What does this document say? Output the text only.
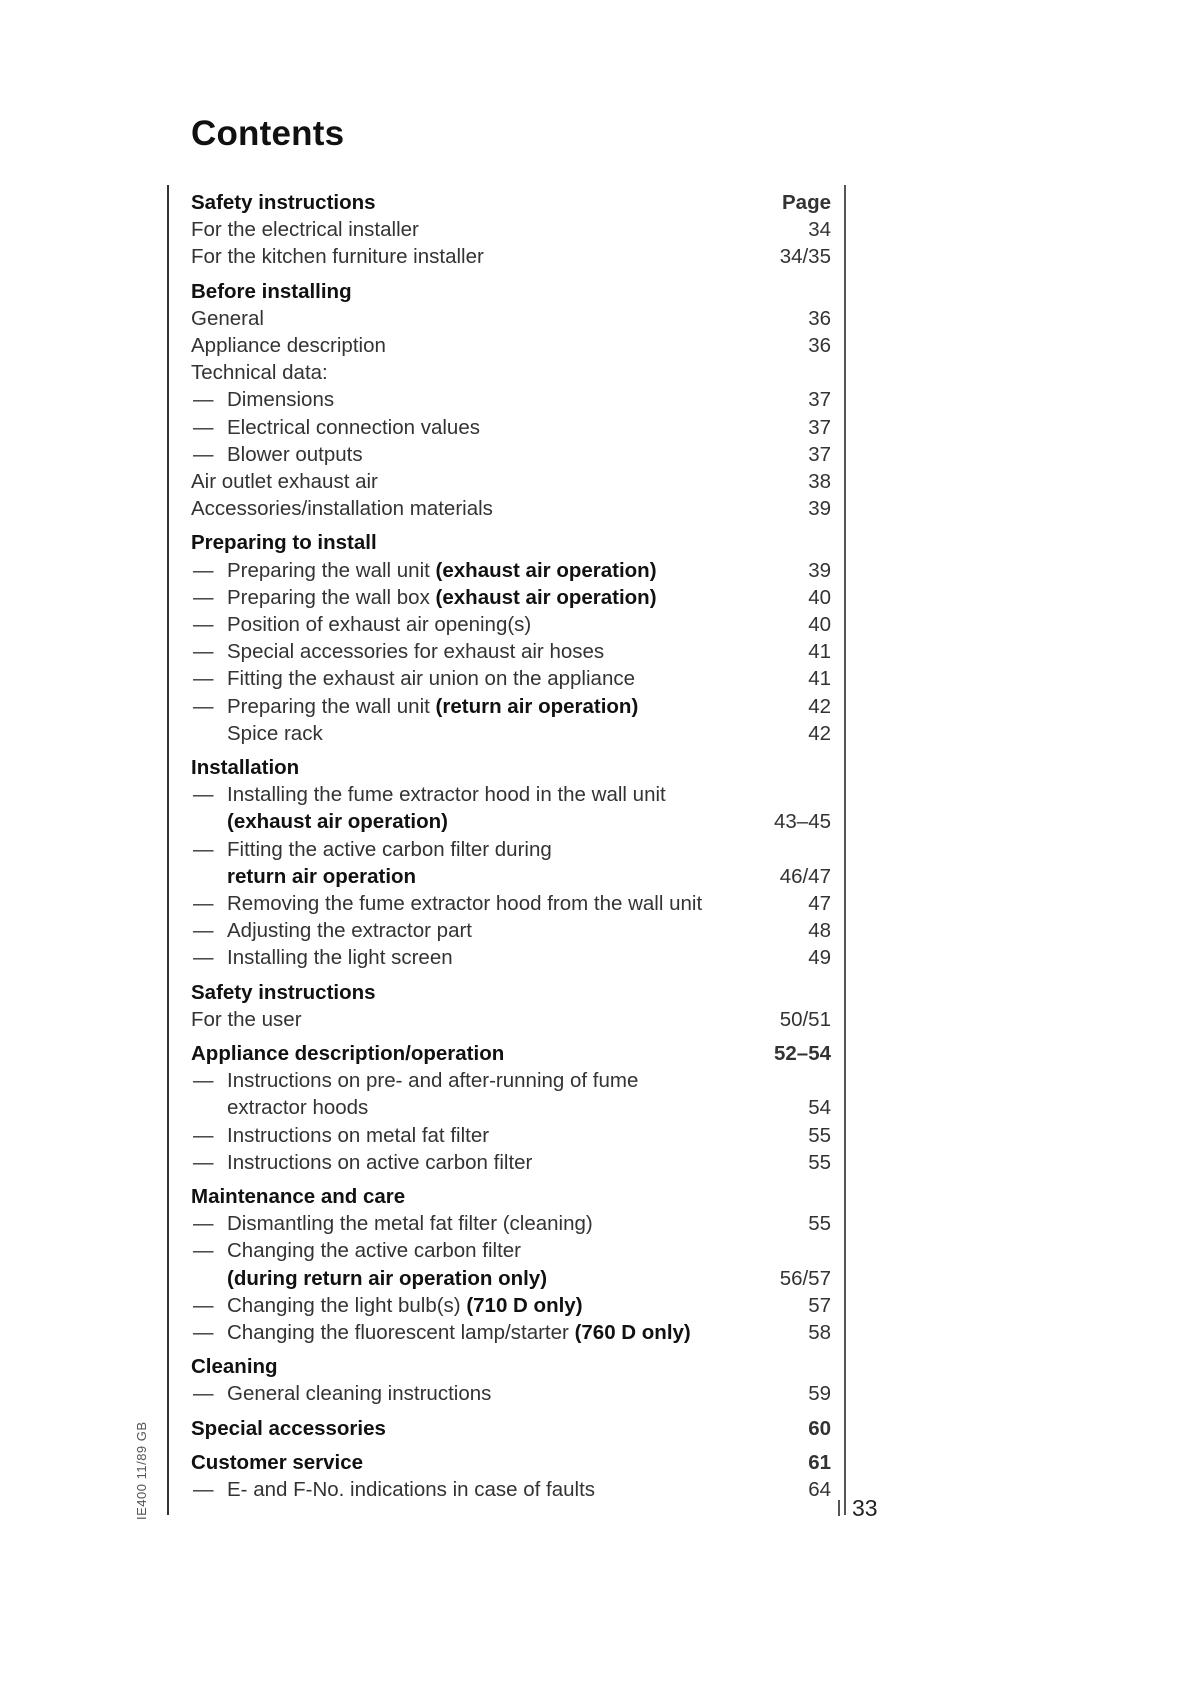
Contents
Safety instructions	Page
For the electrical installer	34
For the kitchen furniture installer	34/35
Before installing
General	36
Appliance description	36
Technical data:
— Dimensions	37
— Electrical connection values	37
— Blower outputs	37
Air outlet exhaust air	38
Accessories/installation materials	39
Preparing to install
— Preparing the wall unit (exhaust air operation)	39
— Preparing the wall box (exhaust air operation)	40
— Position of exhaust air opening(s)	40
— Special accessories for exhaust air hoses	41
— Fitting the exhaust air union on the appliance	41
— Preparing the wall unit (return air operation)	42
Spice rack	42
Installation
— Installing the fume extractor hood in the wall unit
(exhaust air operation)	43–45
— Fitting the active carbon filter during
return air operation	46/47
— Removing the fume extractor hood from the wall unit	47
— Adjusting the extractor part	48
— Installing the light screen	49
Safety instructions
For the user	50/51
Appliance description/operation	52–54
— Instructions on pre- and after-running of fume
extractor hoods	54
— Instructions on metal fat filter	55
— Instructions on active carbon filter	55
Maintenance and care
— Dismantling the metal fat filter (cleaning)	55
— Changing the active carbon filter
(during return air operation only)	56/57
— Changing the light bulb(s) (710 D only)	57
— Changing the fluorescent lamp/starter (760 D only)	58
Cleaning
— General cleaning instructions	59
Special accessories	60
Customer service	61
— E- and F-No. indications in case of faults	64
IE400 11/89 GB	33
